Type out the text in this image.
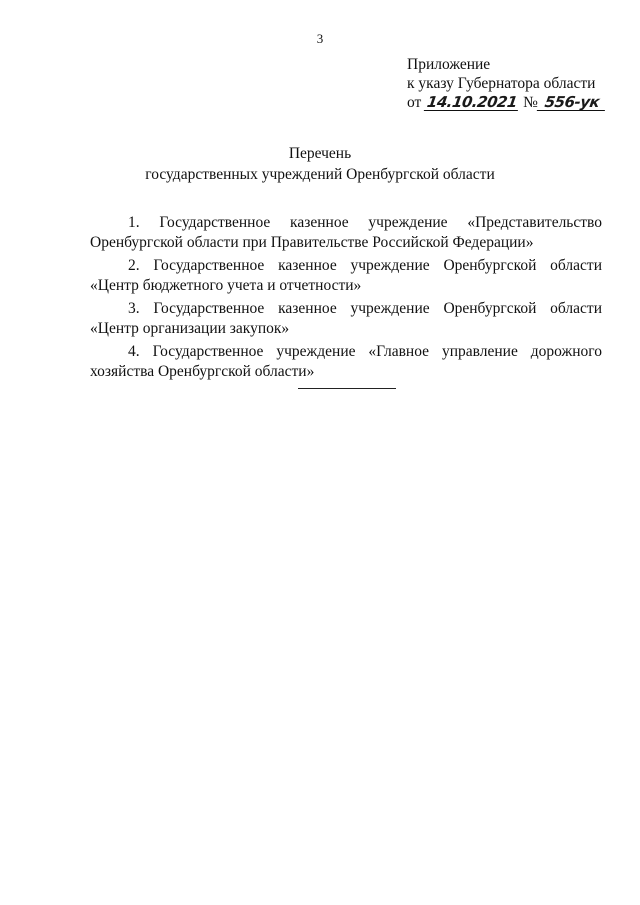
3
Приложение
к указу Губернатора области
от 14.10.2021 № 556-ук
Перечень
государственных учреждений Оренбургской области

1. Государственное казенное учреждение «Представительство Оренбургской области при Правительстве Российской Федерации»

2. Государственное казенное учреждение Оренбургской области «Центр бюджетного учета и отчетности»

3. Государственное казенное учреждение Оренбургской области «Центр организации закупок»

4. Государственное учреждение «Главное управление дорожного хозяйства Оренбургской области»
